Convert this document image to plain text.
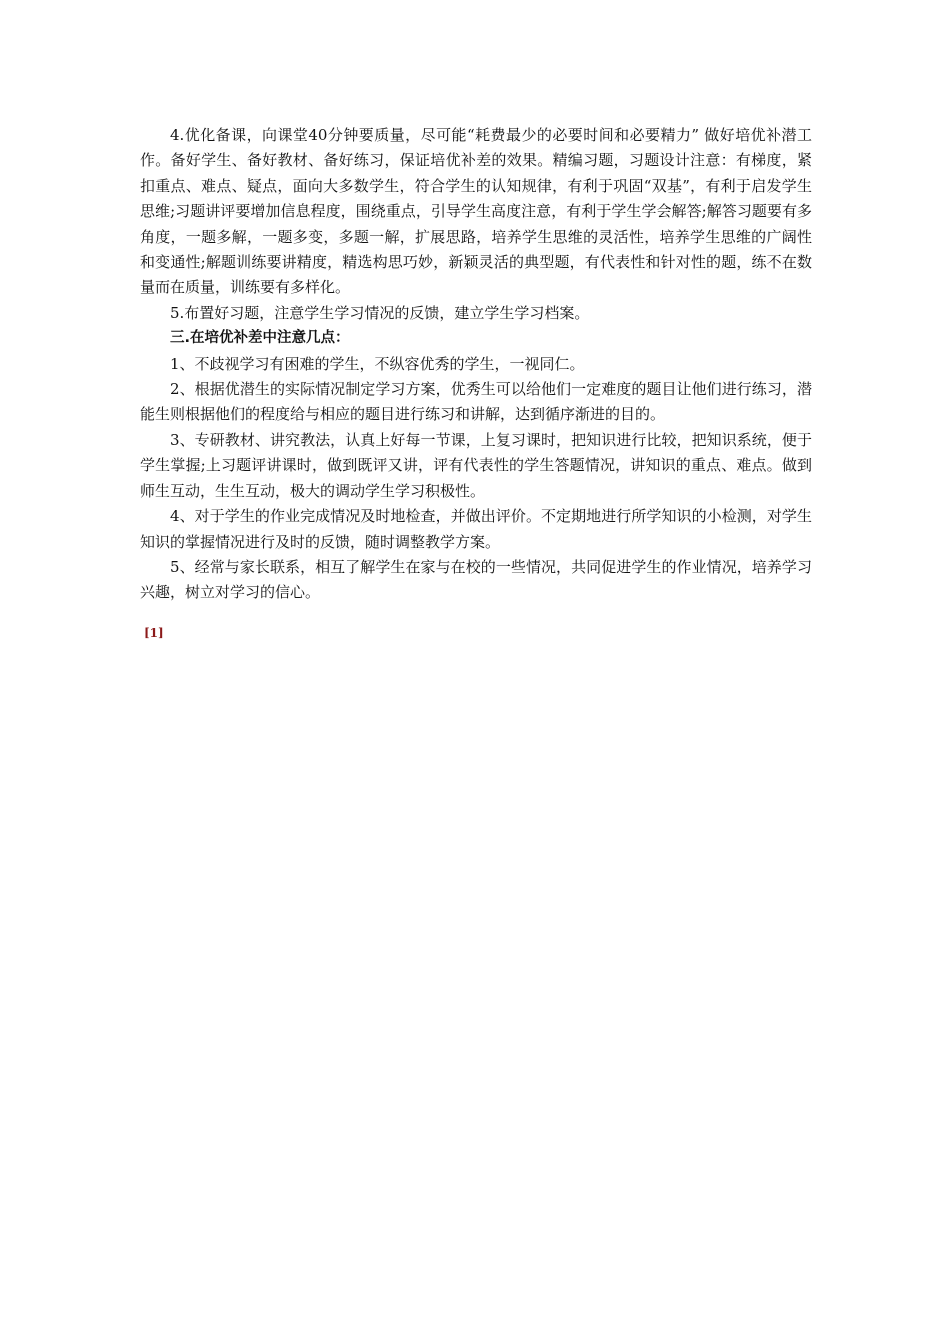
4.优化备课，向课堂40分钟要质量，尽可能“耗费最少的必要时间和必要精力” 做好培优补潜工作。备好学生、备好教材、备好练习，保证培优补差的效果。精编习题，习题设计注意：有梯度，紧扣重点、难点、疑点，面向大多数学生，符合学生的认知规律，有利于巩固“双基”，有利于启发学生思维;习题讲评要增加信息程度，围绕重点，引导学生高度注意，有利于学生学会解答;解答习题要有多角度，一题多解，一题多变，多题一解，扩展思路，培养学生思维的灵活性，培养学生思维的广阔性和变通性;解题训练要讲精度，精选构思巧妙，新颖灵活的典型题，有代表性和针对性的题，练不在数量而在质量，训练要有多样化。

5.布置好习题，注意学生学习情况的反馈，建立学生学习档案。

三.在培优补差中注意几点：

1、不歧视学习有困难的学生，不纵容优秀的学生，一视同仁。

2、根据优潜生的实际情况制定学习方案，优秀生可以给他们一定难度的题目让他们进行练习，潜能生则根据他们的程度给与相应的题目进行练习和讲解，达到循序渐进的目的。

3、专研教材、讲究教法，认真上好每一节课，上复习课时，把知识进行比较，把知识系统，便于学生掌握;上习题评讲课时，做到既评又讲，评有代表性的学生答题情况，讲知识的重点、难点。做到师生互动，生生互动，极大的调动学生学习积极性。

4、对于学生的作业完成情况及时地检查，并做出评价。不定期地进行所学知识的小检测，对学生知识的掌握情况进行及时的反馈，随时调整教学方案。

5、经常与家长联系，相互了解学生在家与在校的一些情况，共同促进学生的作业情况，培养学习兴趣，树立对学习的信心。

[1]
